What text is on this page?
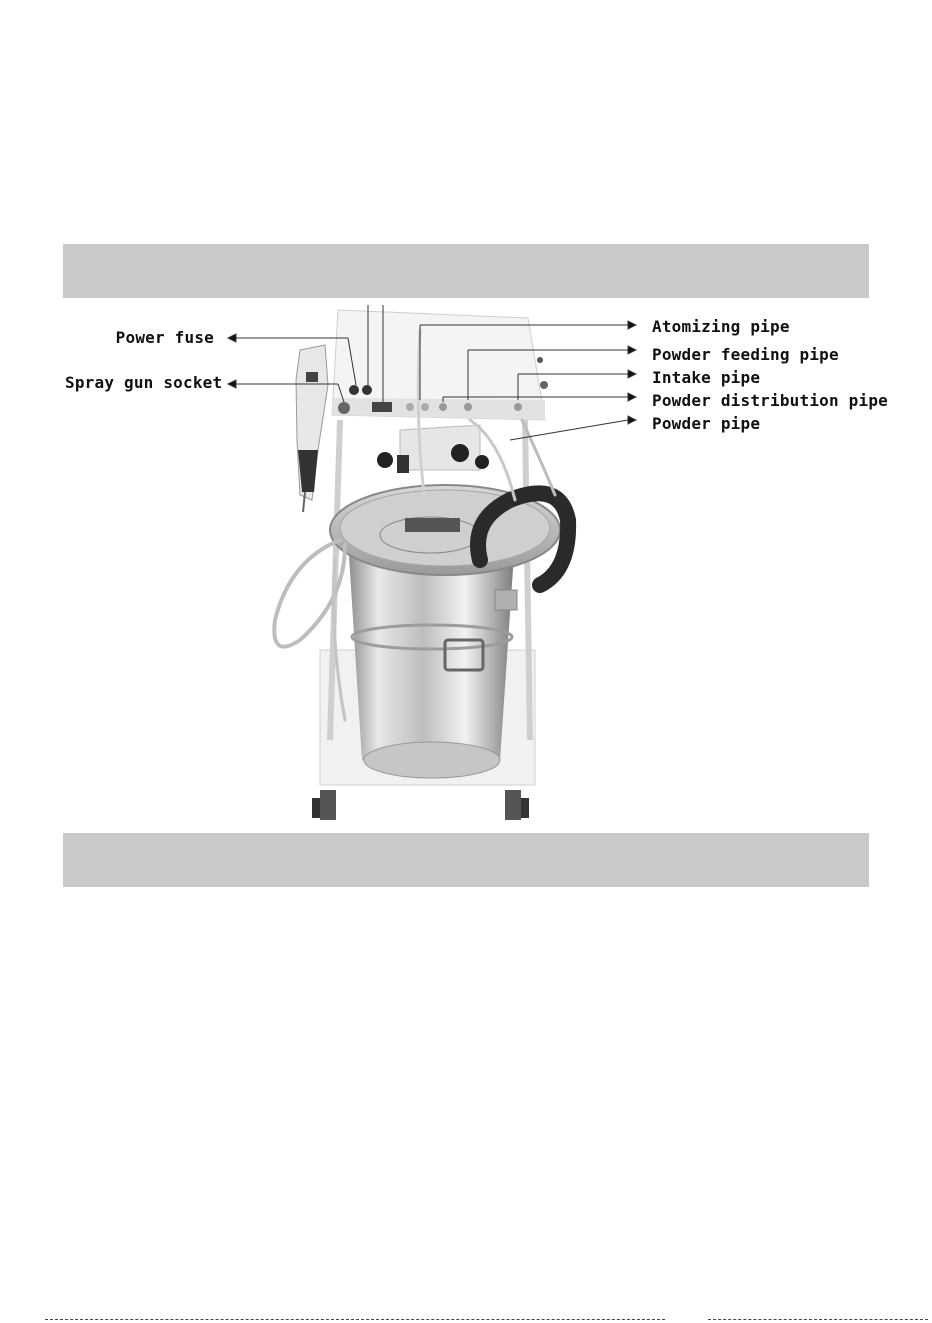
Power fuse
Spray gun socket
Atomizing pipe
Powder feeding pipe
Intake pipe
Powder distribution pipe
Powder pipe
